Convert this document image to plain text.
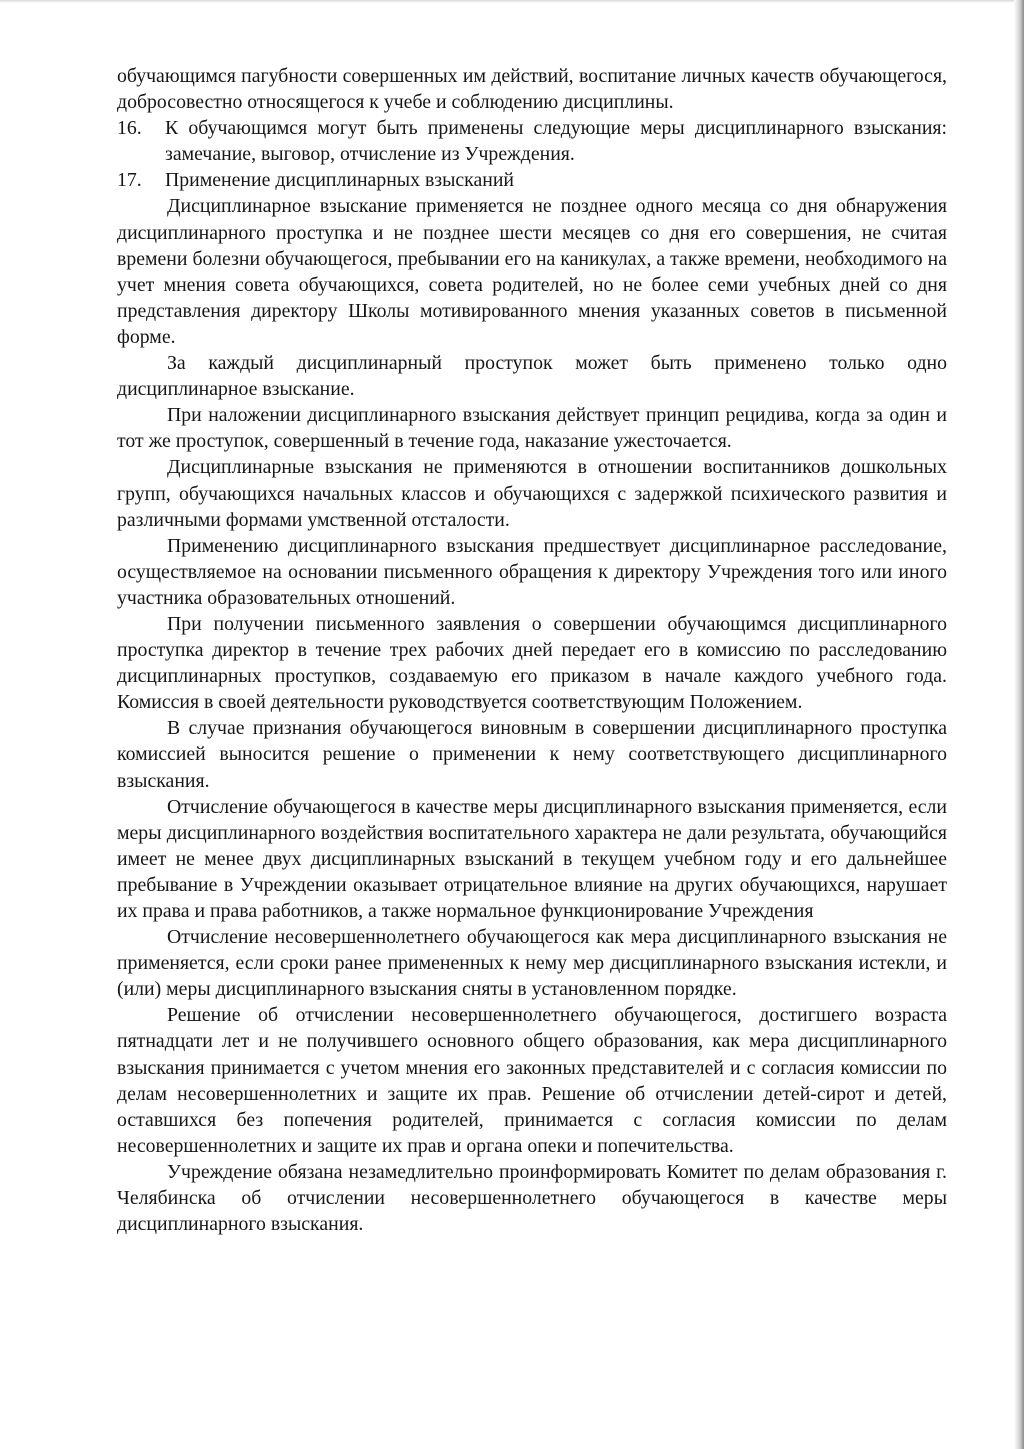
обучающимся пагубности совершенных им действий, воспитание личных качеств обучающегося, добросовестно относящегося к учебе и соблюдению дисциплины.

16.	К обучающимся могут быть применены следующие меры дисциплинарного взыскания: замечание, выговор, отчисление из Учреждения.

17.	Применение дисциплинарных взысканий

Дисциплинарное взыскание применяется не позднее одного месяца со дня обнаружения дисциплинарного проступка и не позднее шести месяцев со дня его совершения, не считая времени болезни обучающегося, пребывании его на каникулах, а также времени, необходимого на учет мнения совета обучающихся, совета родителей, но не более семи учебных дней со дня представления директору Школы мотивированного мнения указанных советов в письменной форме.

За каждый дисциплинарный проступок может быть применено только одно дисциплинарное взыскание.

При наложении дисциплинарного взыскания действует принцип рецидива, когда за один и тот же проступок, совершенный в течение года, наказание ужесточается.

Дисциплинарные взыскания не применяются в отношении воспитанников дошкольных групп, обучающихся начальных классов и обучающихся с задержкой психического развития и различными формами умственной отсталости.

Применению дисциплинарного взыскания предшествует дисциплинарное расследование, осуществляемое на основании письменного обращения к директору Учреждения того или иного участника образовательных отношений.

При получении письменного заявления о совершении обучающимся дисциплинарного проступка директор в течение трех рабочих дней передает его в комиссию по расследованию дисциплинарных проступков, создаваемую его приказом в начале каждого учебного года. Комиссия в своей деятельности руководствуется соответствующим Положением.

В случае признания обучающегося виновным в совершении дисциплинарного проступка комиссией выносится решение о применении к нему соответствующего дисциплинарного взыскания.

Отчисление обучающегося в качестве меры дисциплинарного взыскания применяется, если меры дисциплинарного воздействия воспитательного характера не дали результата, обучающийся имеет не менее двух дисциплинарных взысканий в текущем учебном году и его дальнейшее пребывание в Учреждении оказывает отрицательное влияние на других обучающихся, нарушает их права и права работников, а также нормальное функционирование Учреждения

Отчисление несовершеннолетнего обучающегося как мера дисциплинарного взыскания не применяется, если сроки ранее примененных к нему мер дисциплинарного взыскания истекли, и (или) меры дисциплинарного взыскания сняты в установленном порядке.

Решение об отчислении несовершеннолетнего обучающегося, достигшего возраста пятнадцати лет и не получившего основного общего образования, как мера дисциплинарного взыскания принимается с учетом мнения его законных представителей и с согласия комиссии по делам несовершеннолетних и защите их прав. Решение об отчислении детей-сирот и детей, оставшихся без попечения родителей, принимается с согласия комиссии по делам несовершеннолетних и защите их прав и органа опеки и попечительства.

Учреждение обязана незамедлительно проинформировать Комитет по делам образования г. Челябинска об отчислении несовершеннолетнего обучающегося в качестве меры дисциплинарного взыскания.
